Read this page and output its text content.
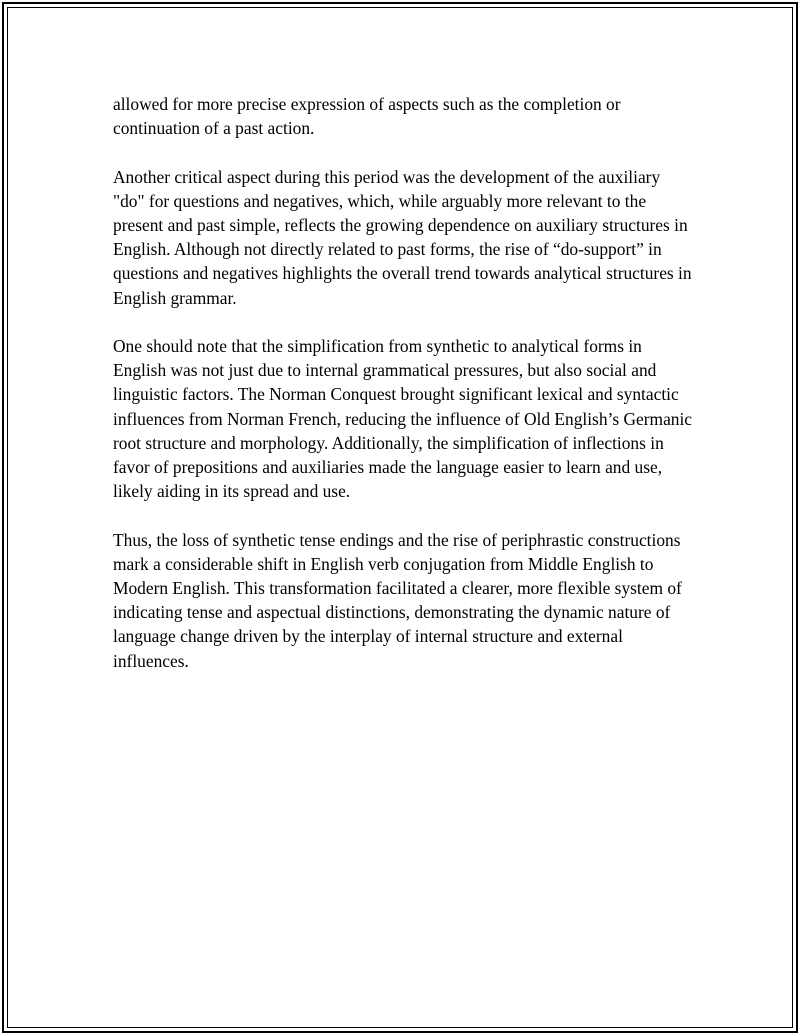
allowed for more precise expression of aspects such as the completion or continuation of a past action.

Another critical aspect during this period was the development of the auxiliary "do" for questions and negatives, which, while arguably more relevant to the present and past simple, reflects the growing dependence on auxiliary structures in English. Although not directly related to past forms, the rise of “do-support” in questions and negatives highlights the overall trend towards analytical structures in English grammar.

One should note that the simplification from synthetic to analytical forms in English was not just due to internal grammatical pressures, but also social and linguistic factors. The Norman Conquest brought significant lexical and syntactic influences from Norman French, reducing the influence of Old English’s Germanic root structure and morphology. Additionally, the simplification of inflections in favor of prepositions and auxiliaries made the language easier to learn and use, likely aiding in its spread and use.

Thus, the loss of synthetic tense endings and the rise of periphrastic constructions mark a considerable shift in English verb conjugation from Middle English to Modern English. This transformation facilitated a clearer, more flexible system of indicating tense and aspectual distinctions, demonstrating the dynamic nature of language change driven by the interplay of internal structure and external influences.
